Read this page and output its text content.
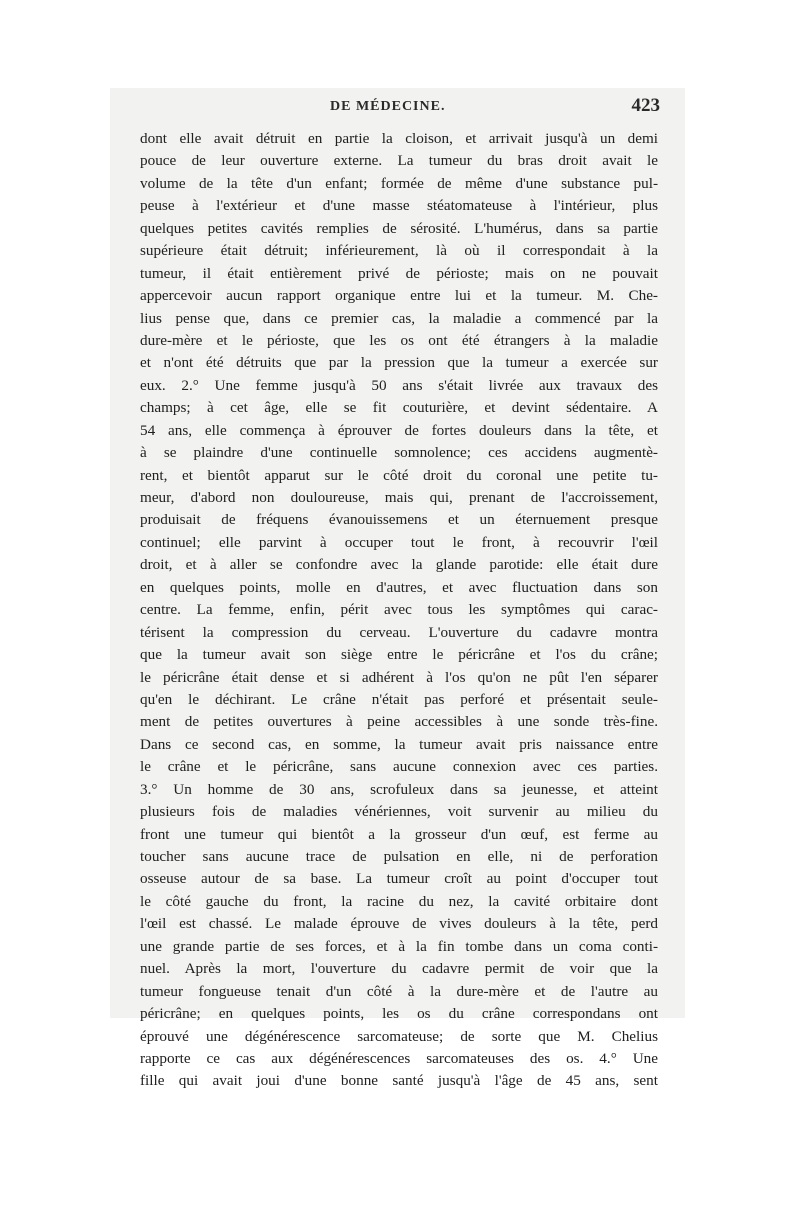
DE MÉDECINE.	423
dont elle avait détruit en partie la cloison, et arrivait jusqu'à un demi
pouce de leur ouverture externe. La tumeur du bras droit avait le
volume de la tête d'un enfant; formée de même d'une substance pul-
peuse à l'extérieur et d'une masse stéatomateuse à l'intérieur, plus
quelques petites cavités remplies de sérosité. L'humérus, dans sa partie
supérieure était détruit; inférieurement, là où il correspondait à la
tumeur, il était entièrement privé de périoste; mais on ne pouvait
appercevoir aucun rapport organique entre lui et la tumeur. M. Che-
lius pense que, dans ce premier cas, la maladie a commencé par la
dure-mère et le périoste, que les os ont été étrangers à la maladie
et n'ont été détruits que par la pression que la tumeur a exercée sur
eux. 2.° Une femme jusqu'à 50 ans s'était livrée aux travaux des
champs; à cet âge, elle se fit couturière, et devint sédentaire. A
54 ans, elle commença à éprouver de fortes douleurs dans la tête, et
à se plaindre d'une continuelle somnolence; ces accidens augmentè-
rent, et bientôt apparut sur le côté droit du coronal une petite tu-
meur, d'abord non douloureuse, mais qui, prenant de l'accroissement,
produisait de fréquens évanouissemens et un éternuement presque
continuel; elle parvint à occuper tout le front, à recouvrir l'œil
droit, et à aller se confondre avec la glande parotide: elle était dure
en quelques points, molle en d'autres, et avec fluctuation dans son
centre. La femme, enfin, périt avec tous les symptômes qui carac-
térisent la compression du cerveau. L'ouverture du cadavre montra
que la tumeur avait son siège entre le péricrâne et l'os du crâne;
le péricrâne était dense et si adhérent à l'os qu'on ne pût l'en séparer
qu'en le déchirant. Le crâne n'était pas perforé et présentait seule-
ment de petites ouvertures à peine accessibles à une sonde très-fine.
Dans ce second cas, en somme, la tumeur avait pris naissance entre
le crâne et le péricrâne, sans aucune connexion avec ces parties.
3.° Un homme de 30 ans, scrofuleux dans sa jeunesse, et atteint
plusieurs fois de maladies vénériennes, voit survenir au milieu du
front une tumeur qui bientôt a la grosseur d'un œuf, est ferme au
toucher sans aucune trace de pulsation en elle, ni de perforation
osseuse autour de sa base. La tumeur croît au point d'occuper tout
le côté gauche du front, la racine du nez, la cavité orbitaire dont
l'œil est chassé. Le malade éprouve de vives douleurs à la tête, perd
une grande partie de ses forces, et à la fin tombe dans un coma conti-
nuel. Après la mort, l'ouverture du cadavre permit de voir que la
tumeur fongueuse tenait d'un côté à la dure-mère et de l'autre au
péricrâne; en quelques points, les os du crâne correspondans ont
éprouvé une dégénérescence sarcomateuse; de sorte que M. Chelius
rapporte ce cas aux dégénérescences sarcomateuses des os. 4.° Une
fille qui avait joui d'une bonne santé jusqu'à l'âge de 45 ans, sent
